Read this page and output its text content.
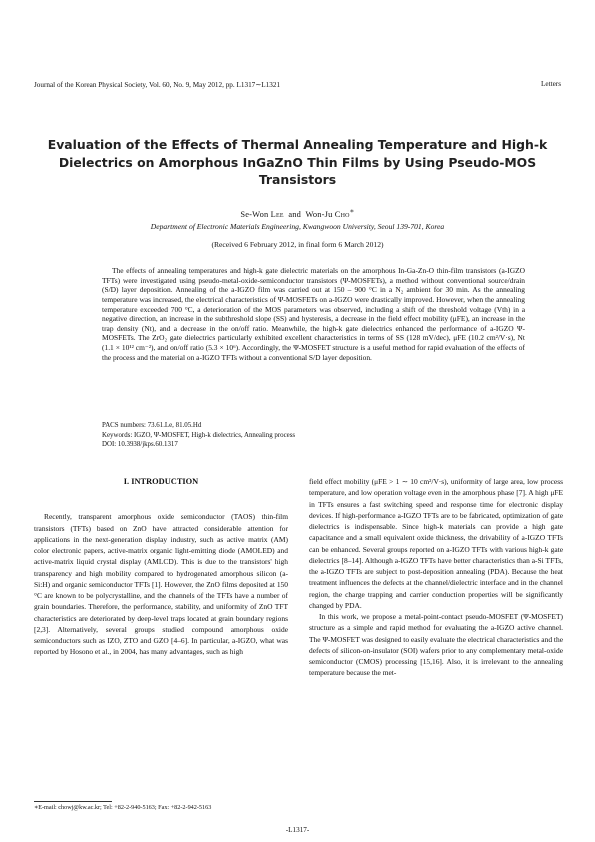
Journal of the Korean Physical Society, Vol. 60, No. 9, May 2012, pp. L1317∼L1321	Letters
Evaluation of the Effects of Thermal Annealing Temperature and High-k Dielectrics on Amorphous InGaZnO Thin Films by Using Pseudo-MOS Transistors
Se-Won Lee and Won-Ju Cho∗
Department of Electronic Materials Engineering, Kwangwoon University, Seoul 139-701, Korea
(Received 6 February 2012, in final form 6 March 2012)

The effects of annealing temperatures and high-k gate dielectric materials on the amorphous In-Ga-Zn-O thin-film transistors (a-IGZO TFTs) were investigated using pseudo-metal-oxide-semiconductor transistors (Ψ-MOSFETs), a method without conventional source/drain (S/D) layer deposition. Annealing of the a-IGZO film was carried out at 150 – 900 °C in a N₂ ambient for 30 min. As the annealing temperature was increased, the electrical characteristics of Ψ-MOSFETs on a-IGZO were drastically improved. However, when the annealing temperature exceeded 700 °C, a deterioration of the MOS parameters was observed, including a shift of the threshold voltage (Vth) in a negative direction, an increase in the subthreshold slope (SS) and hysteresis, a decrease in the field effect mobility (μFE), an increase in the trap density (Nt), and a decrease in the on/off ratio. Meanwhile, the high-k gate dielectrics enhanced the performance of a-IGZO Ψ-MOSFETs. The ZrO₂ gate dielectrics particularly exhibited excellent characteristics in terms of SS (128 mV/dec), μFE (10.2 cm²/V·s), Nt (1.1 × 10¹² cm⁻²), and on/off ratio (5.3 × 10⁶). Accordingly, the Ψ-MOSFET structure is a useful method for rapid evaluation of the effects of the process and the material on a-IGZO TFTs without a conventional S/D layer deposition.

PACS numbers: 73.61.Le, 81.05.Hd
Keywords: IGZO, Ψ-MOSFET, High-k dielectrics, Annealing process
DOI: 10.3938/jkps.60.1317
I. INTRODUCTION

Recently, transparent amorphous oxide semiconductor (TAOS) thin-film transistors (TFTs) based on ZnO have attracted considerable attention for applications in the next-generation display industry, such as active matrix (AM) color electronic papers, active-matrix organic light-emitting diode (AMOLED) and active-matrix liquid crystal display (AMLCD). This is due to the transistors' high transparency and high mobility compared to hydrogenated amorphous silicon (a-Si:H) and organic semiconductor TFTs [1]. However, the ZnO films deposited at 150 °C are known to be polycrystalline, and the channels of the TFTs have a number of grain boundaries. Therefore, the performance, stability, and uniformity of ZnO TFT characteristics are deteriorated by deep-level traps located at grain boundary regions [2,3]. Alternatively, several groups studied compound amorphous oxide semiconductors such as IZO, ZTO and GZO [4–6]. In particular, a-IGZO, what was reported by Hosono et al., in 2004, has many advantages, such as high

field effect mobility (μFE > 1 ∼ 10 cm²/V·s), uniformity of large area, low process temperature, and low operation voltage even in the amorphous phase [7]. A high μFE in TFTs ensures a fast switching speed and response time for electronic display devices. If high-performance a-IGZO TFTs are to be fabricated, optimization of gate dielectrics is indispensable. Since high-k materials can provide a high gate capacitance and a small equivalent oxide thickness, the drivability of a-IGZO TFTs can be enhanced. Several groups reported on a-IGZO TFTs with various high-k gate dielectrics [8–14]. Although a-IGZO TFTs have better characteristics than a-Si TFTs, the a-IGZO TFTs are subject to post-deposition annealing (PDA). Because the heat treatment influences the defects at the channel/dielectric interface and in the channel region, the charge trapping and carrier conduction properties will be significantly changed by PDA.

In this work, we propose a metal-point-contact pseudo-MOSFET (Ψ-MOSFET) structure as a simple and rapid method for evaluating the a-IGZO active channel. The Ψ-MOSFET was designed to easily evaluate the electrical characteristics and the defects of silicon-on-insulator (SOI) wafers prior to any complementary metal-oxide semiconductor (CMOS) processing [15,16]. Also, it is irrelevant to the annealing temperature because the met-

∗E-mail: chowj@kw.ac.kr; Tel: +82-2-940-5163; Fax: +82-2-942-5163
-L1317-
